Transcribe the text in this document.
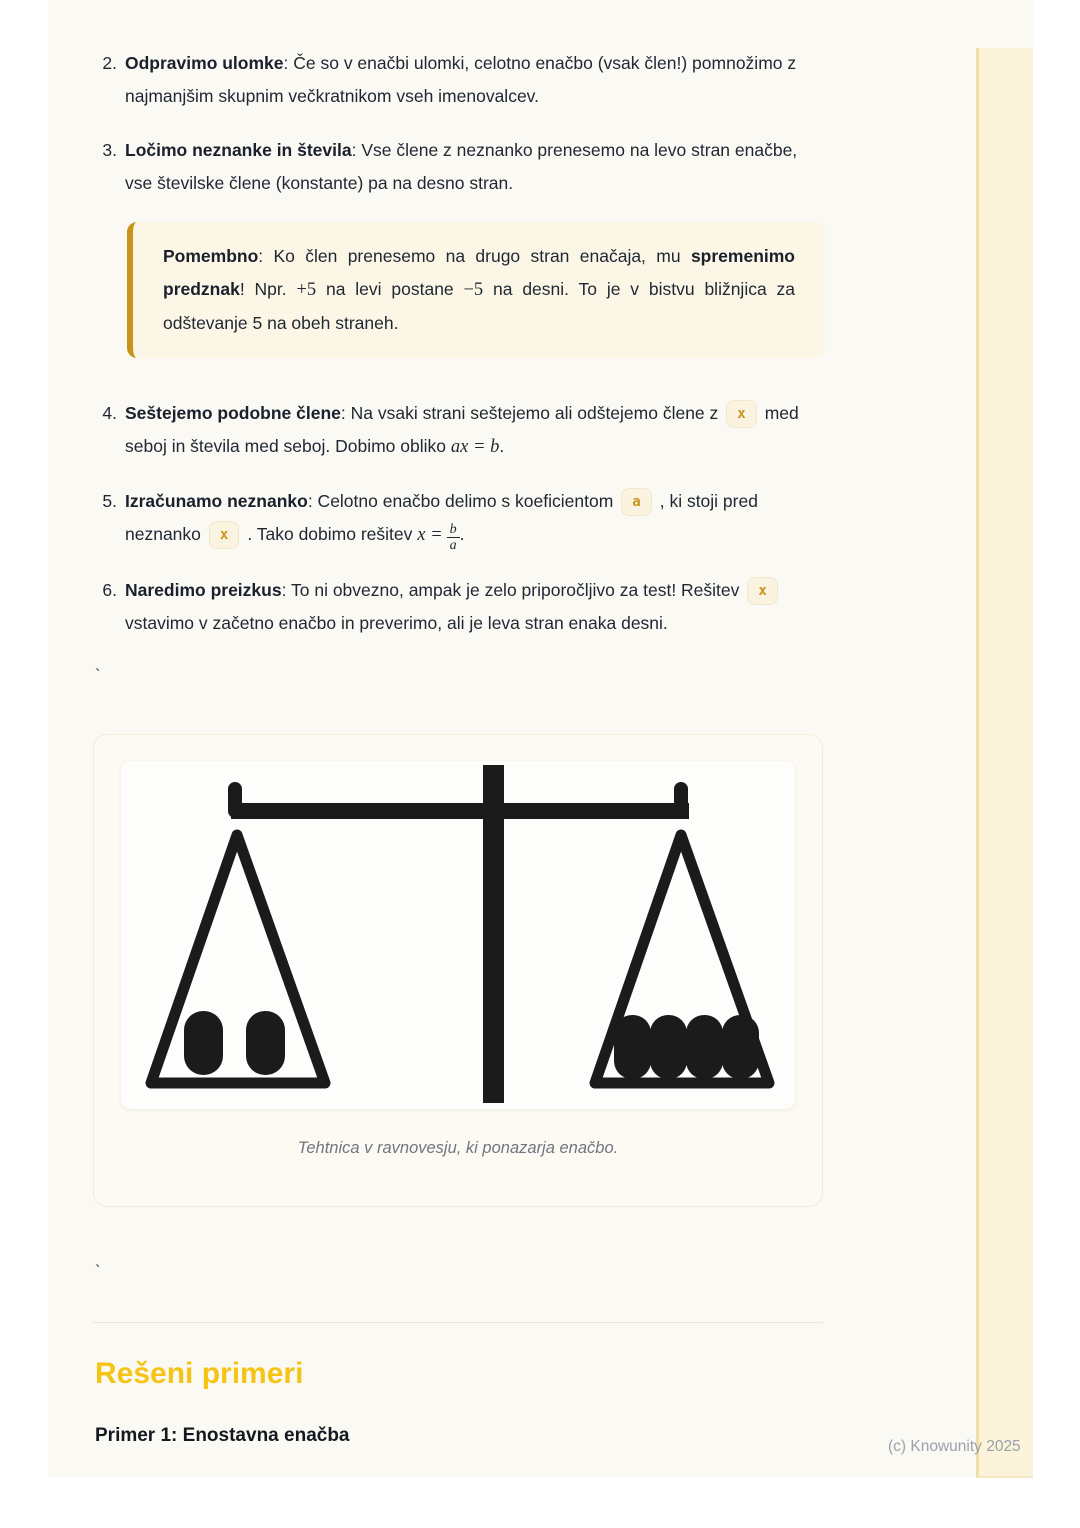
(c) Knowunity 2025
2. Odpravimo ulomke: Če so v enačbi ulomki, celotno enačbo (vsak člen!) pomnožimo z najmanjšim skupnim večkratnikom vseh imenovalcev.

3. Ločimo neznanke in števila: Vse člene z neznanko prenesemo na levo stran enačbe, vse številske člene (konstante) pa na desno stran.

Pomembno: Ko člen prenesemo na drugo stran enačaja, mu spremenimo predznak! Npr. +5 na levi postane −5 na desni. To je v bistvu bližnjica za odštevanje 5 na obeh straneh.
4. Seštejemo podobne člene: Na vsaki strani seštejemo ali odštejemo člene z x med seboj in števila med seboj. Dobimo obliko ax = b.

5. Izračunamo neznanko: Celotno enačbo delimo s koeficientom a , ki stoji pred neznanko x . Tako dobimo rešitev $x = \frac{b}{a}$ .

6. Naredimo preizkus: To ni obvezno, ampak je zelo priporočljivo za test! Rešitev xvstavimo v začetno enačbo in preverimo, ali je leva stran enaka desni.

`
Tehtnica v ravnovesju, ki ponazarja enačbo.
`
Rešeni primeri
Primer 1: Enostavna enačba
